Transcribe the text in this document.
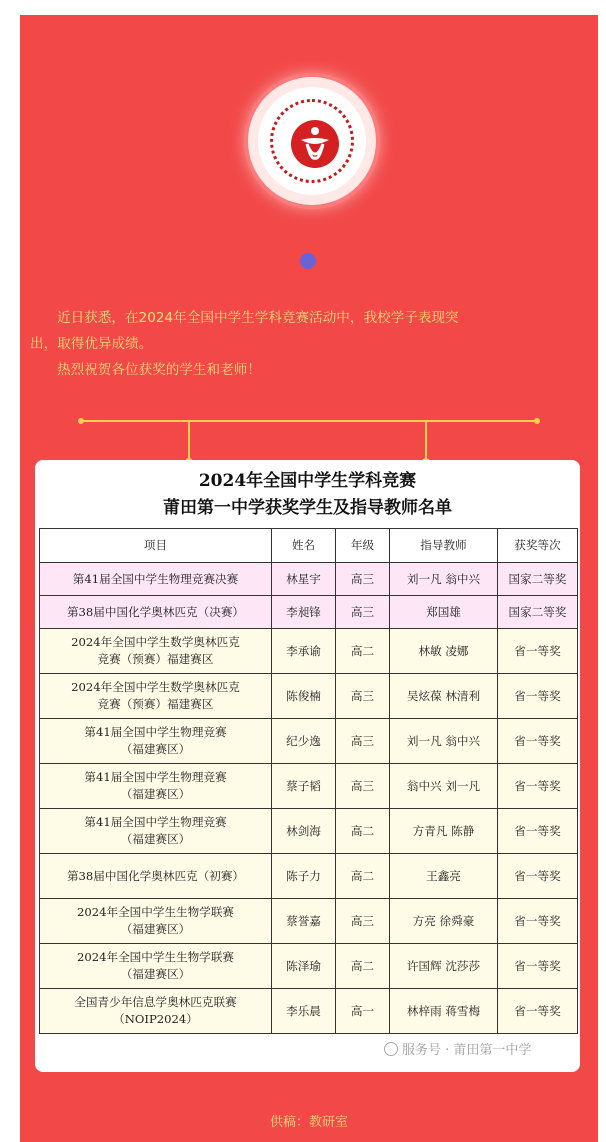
近日获悉，在2024年全国中学生学科竞赛活动中，我校学子表现突

出，取得优异成绩。

热烈祝贺各位获奖的学生和老师！

2024年全国中学生学科竞赛
莆田第一中学获奖学生及指导教师名单
项目	姓名	年级	指导教师	获奖等次
第41届全国中学生物理竞赛决赛	林星宇	高三	刘一凡 翁中兴	国家二等奖
第38届中国化学奥林匹克（决赛）	李昶锋	高三	郑国雄	国家二等奖

2024年全国中学生数学奥林匹克
竞赛（预赛）福建赛区	李承谕	高二	林敏 凌娜	省一等奖

2024年全国中学生数学奥林匹克
竞赛（预赛）福建赛区	陈俊楠	高三	吴炫葆 林清利	省一等奖

第41届全国中学生物理竞赛
（福建赛区）	纪少逸	高三	刘一凡 翁中兴	省一等奖

第41届全国中学生物理竞赛
（福建赛区）	蔡子韬	高三	翁中兴 刘一凡	省一等奖

第41届全国中学生物理竞赛
（福建赛区）	林剑海	高二	方青凡 陈静	省一等奖
第38届中国化学奥林匹克（初赛）	陈子力	高二	王鑫亮	省一等奖

2024年全国中学生生物学联赛
（福建赛区）	蔡誉嘉	高三	方亮 徐舜豪	省一等奖

2024年全国中学生生物学联赛
（福建赛区）	陈泽瑜	高二	许国辉 沈莎莎	省一等奖

全国青少年信息学奥林匹克联赛
（NOIP2024）	李乐晨	高一	林梓雨 蒋雪梅	省一等奖
服务号 · 莆田第一中学
供稿：教研室
